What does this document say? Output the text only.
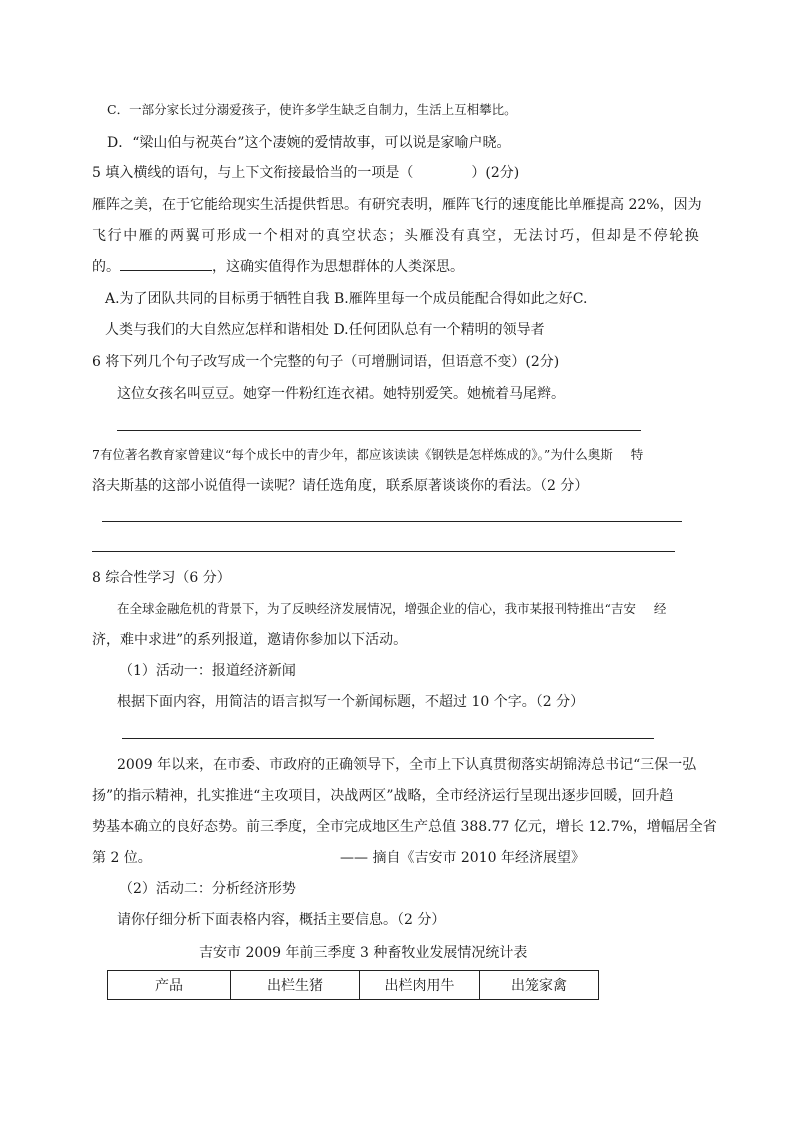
C．一部分家长过分溺爱孩子，使许多学生缺乏自制力，生活上互相攀比。
D．“梁山伯与祝英台”这个凄婉的爱情故事，可以说是家喻户晓。
5 填入横线的语句，与上下文衔接最恰当的一项是（	）(2分)
雁阵之美，在于它能给现实生活提供哲思。有研究表明，雁阵飞行的速度能比单雁提高 22%，因为
飞行中雁的两翼可形成一个相对的真空状态；头雁没有真空，无法讨巧，但却是不停轮换
的。	，这确实值得作为思想群体的人类深思。
A.为了团队共同的目标勇于牺牲自我 B.雁阵里每一个成员能配合得如此之好C.
人类与我们的大自然应怎样和谐相处 D.任何团队总有一个精明的领导者
6 将下列几个句子改写成一个完整的句子（可增删词语，但语意不变）(2分)
这位女孩名叫豆豆。她穿一件粉红连衣裙。她特别爱笑。她梳着马尾辫。
7有位著名教育家曾建议“每个成长中的青少年，都应该读读《钢铁是怎样炼成的》。”为什么奥斯 特
洛夫斯基的这部小说值得一读呢？请任选角度，联系原著谈谈你的看法。（2 分）
8 综合性学习（6 分）
在全球金融危机的背景下，为了反映经济发展情况，增强企业的信心，我市某报刊特推出“吉安 经
济，难中求进”的系列报道，邀请你参加以下活动。
（1）活动一：报道经济新闻
根据下面内容，用简洁的语言拟写一个新闻标题，不超过 10 个字。（2 分）
2009 年以来，在市委、市政府的正确领导下，全市上下认真贯彻落实胡锦涛总书记“三保一弘
扬”的指示精神，扎实推进“主攻项目，决战两区”战略，全市经济运行呈现出逐步回暖，回升趋
势基本确立的良好态势。前三季度，全市完成地区生产总值 388.77 亿元，增长 12.7%，增幅居全省
第 2 位。	—— 摘自《吉安市 2010 年经济展望》
（2）活动二：分析经济形势
请你仔细分析下面表格内容，概括主要信息。（2 分）
吉安市 2009 年前三季度 3 种畜牧业发展情况统计表
产品	出栏生猪	出栏肉用牛	出笼家禽
